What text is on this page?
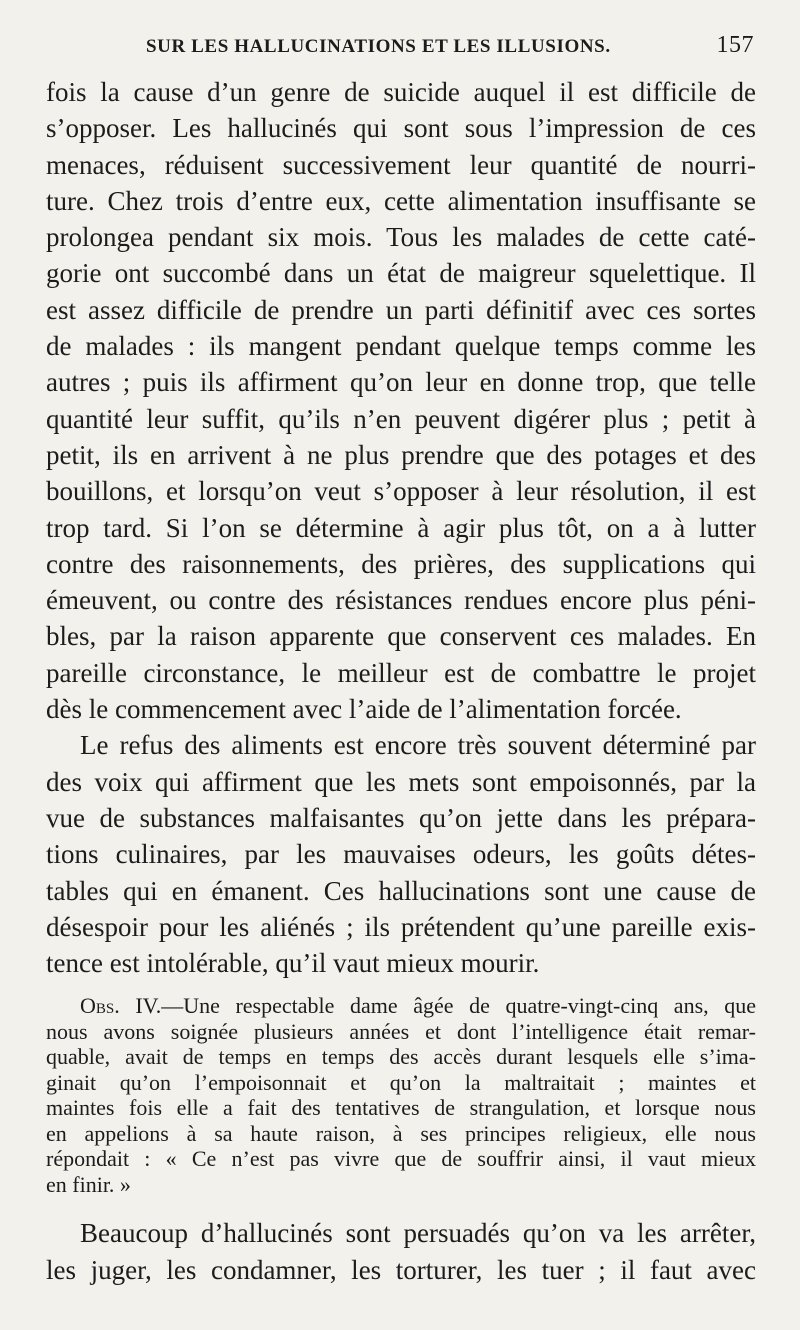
SUR LES HALLUCINATIONS ET LES ILLUSIONS.	157
fois la cause d’un genre de suicide auquel il est difficile de
s’opposer. Les hallucinés qui sont sous l’impression de ces
menaces, réduisent successivement leur quantité de nourri-
ture. Chez trois d’entre eux, cette alimentation insuffisante se
prolongea pendant six mois. Tous les malades de cette caté-
gorie ont succombé dans un état de maigreur squelettique. Il
est assez difficile de prendre un parti définitif avec ces sortes
de malades : ils mangent pendant quelque temps comme les
autres ; puis ils affirment qu’on leur en donne trop, que telle
quantité leur suffit, qu’ils n’en peuvent digérer plus ; petit à
petit, ils en arrivent à ne plus prendre que des potages et des
bouillons, et lorsqu’on veut s’opposer à leur résolution, il est
trop tard. Si l’on se détermine à agir plus tôt, on a à lutter
contre des raisonnements, des prières, des supplications qui
émeuvent, ou contre des résistances rendues encore plus péni-
bles, par la raison apparente que conservent ces malades. En
pareille circonstance, le meilleur est de combattre le projet
dès le commencement avec l’aide de l’alimentation forcée.
Le refus des aliments est encore très souvent déterminé par
des voix qui affirment que les mets sont empoisonnés, par la
vue de substances malfaisantes qu’on jette dans les prépara-
tions culinaires, par les mauvaises odeurs, les goûts détes-
tables qui en émanent. Ces hallucinations sont une cause de
désespoir pour les aliénés ; ils prétendent qu’une pareille exis-
tence est intolérable, qu’il vaut mieux mourir.
Obs. IV.—Une respectable dame âgée de quatre-vingt-cinq ans, que
nous avons soignée plusieurs années et dont l’intelligence était remar-
quable, avait de temps en temps des accès durant lesquels elle s’ima-
ginait qu’on l’empoisonnait et qu’on la maltraitait ; maintes et
maintes fois elle a fait des tentatives de strangulation, et lorsque nous
en appelions à sa haute raison, à ses principes religieux, elle nous
répondait : « Ce n’est pas vivre que de souffrir ainsi, il vaut mieux
en finir. »
Beaucoup d’hallucinés sont persuadés qu’on va les arrêter,
les juger, les condamner, les torturer, les tuer ; il faut avec
